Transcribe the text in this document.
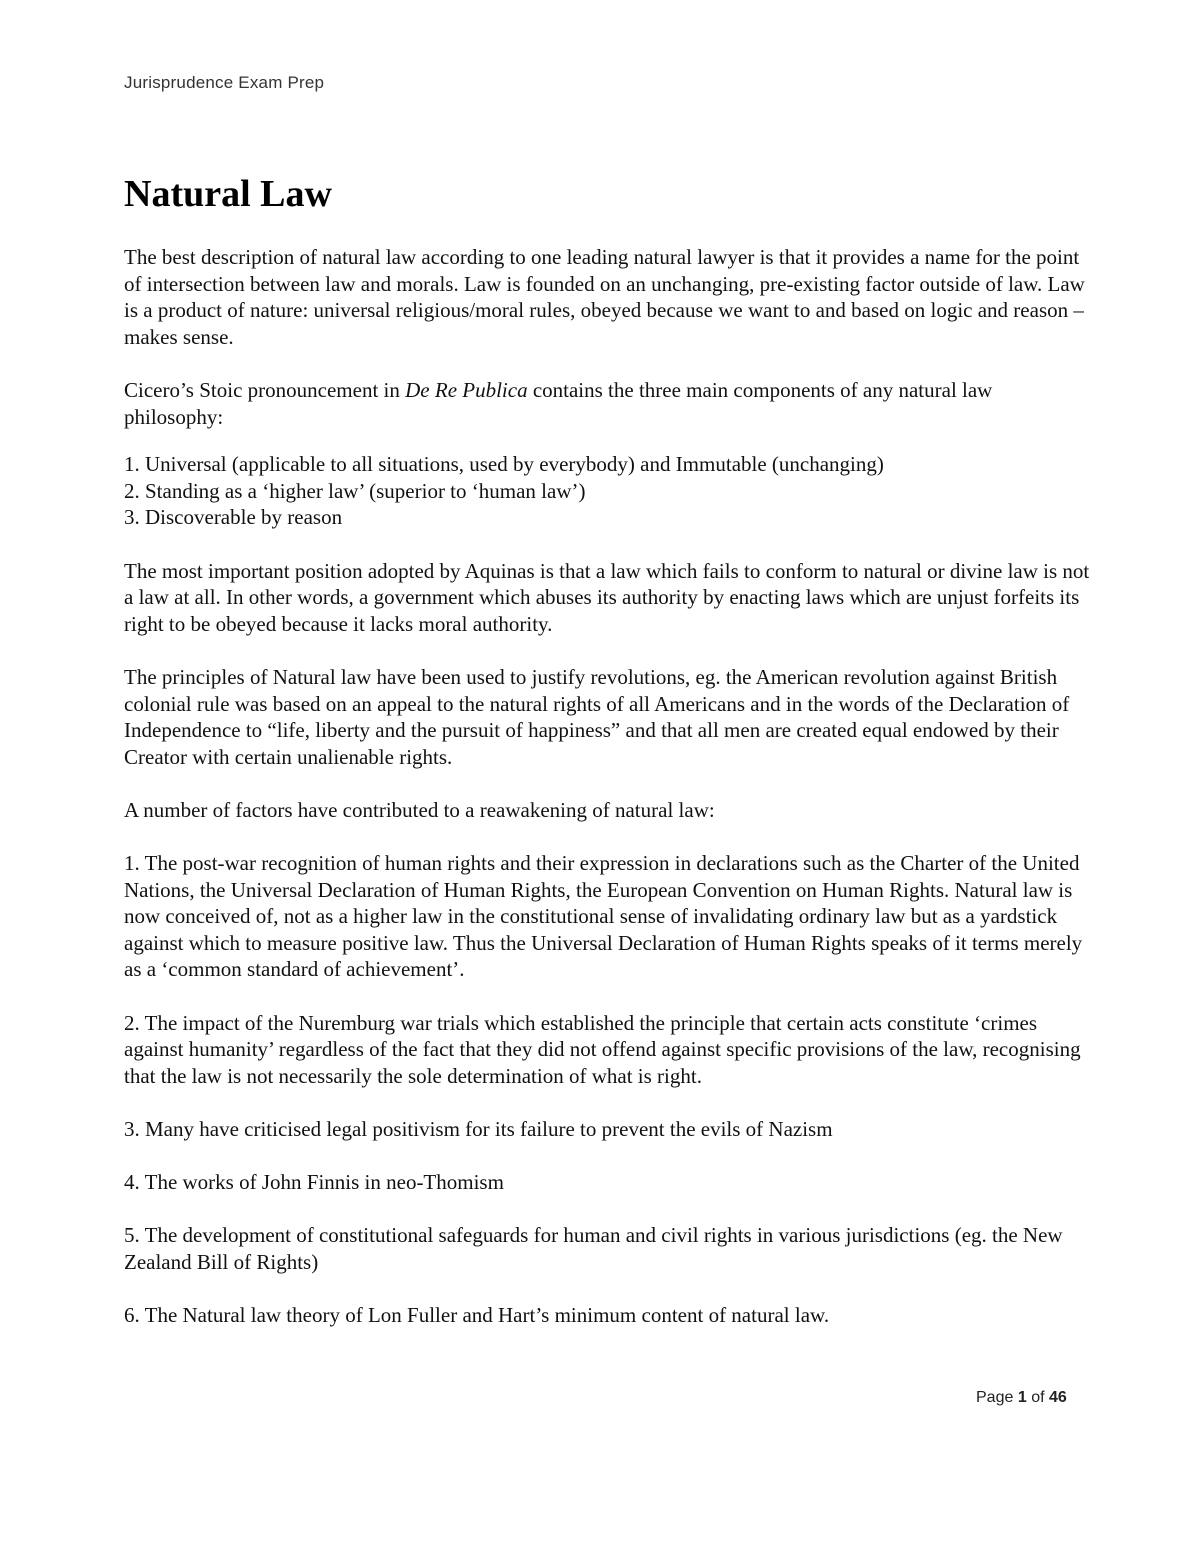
Jurisprudence Exam Prep
Natural Law

The best description of natural law according to one leading natural lawyer is that it provides a name for the point of intersection between law and morals. Law is founded on an unchanging, pre-existing factor outside of law. Law is a product of nature: universal religious/moral rules, obeyed because we want to and based on logic and reason – makes sense.

Cicero’s Stoic pronouncement in De Re Publica contains the three main components of any natural law philosophy:

1. Universal (applicable to all situations, used by everybody) and Immutable (unchanging)

2. Standing as a ‘higher law’ (superior to ‘human law’)

3. Discoverable by reason

The most important position adopted by Aquinas is that a law which fails to conform to natural or divine law is not a law at all. In other words, a government which abuses its authority by enacting laws which are unjust forfeits its right to be obeyed because it lacks moral authority.

The principles of Natural law have been used to justify revolutions, eg. the American revolution against British colonial rule was based on an appeal to the natural rights of all Americans and in the words of the Declaration of Independence to “life, liberty and the pursuit of happiness” and that all men are created equal endowed by their Creator with certain unalienable rights.

A number of factors have contributed to a reawakening of natural law:

1. The post-war recognition of human rights and their expression in declarations such as the Charter of the United Nations, the Universal Declaration of Human Rights, the European Convention on Human Rights. Natural law is now conceived of, not as a higher law in the constitutional sense of invalidating ordinary law but as a yardstick against which to measure positive law. Thus the Universal Declaration of Human Rights speaks of it terms merely as a ‘common standard of achievement’.

2. The impact of the Nuremburg war trials which established the principle that certain acts constitute ‘crimes against humanity’ regardless of the fact that they did not offend against specific provisions of the law, recognising that the law is not necessarily the sole determination of what is right.

3. Many have criticised legal positivism for its failure to prevent the evils of Nazism

4. The works of John Finnis in neo-Thomism

5. The development of constitutional safeguards for human and civil rights in various jurisdictions (eg. the New Zealand Bill of Rights)

6. The Natural law theory of Lon Fuller and Hart’s minimum content of natural law.

Page 1 of 46
